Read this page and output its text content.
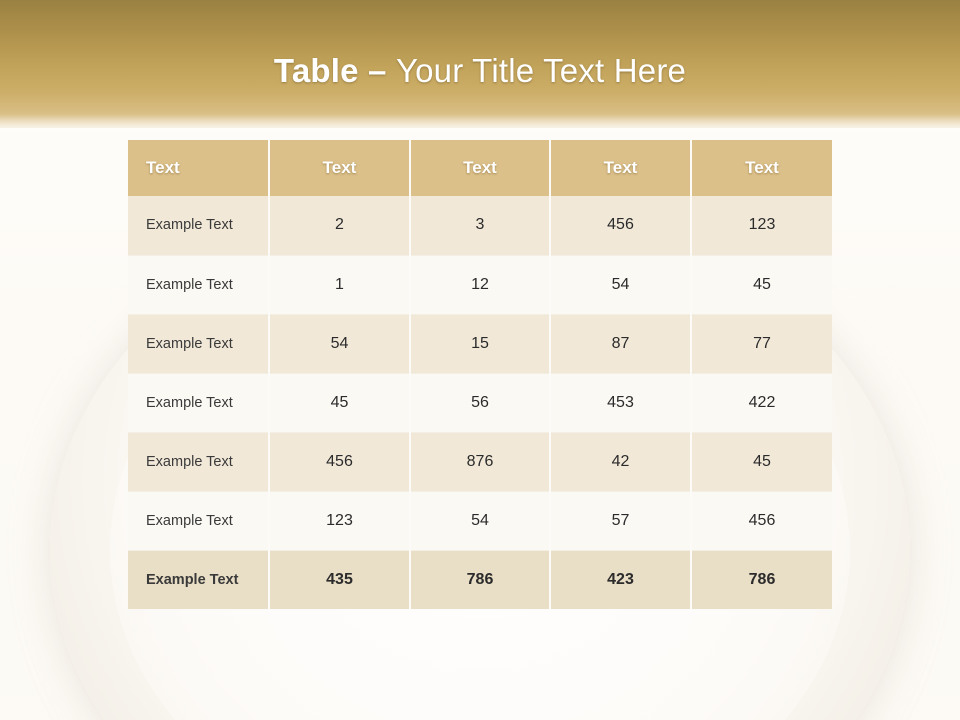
Table – Your Title Text Here
Text	Text	Text	Text	Text
Example Text	2	3	456	123
Example Text	1	12	54	45
Example Text	54	15	87	77
Example Text	45	56	453	422
Example Text	456	876	42	45
Example Text	123	54	57	456
Example Text	435	786	423	786
